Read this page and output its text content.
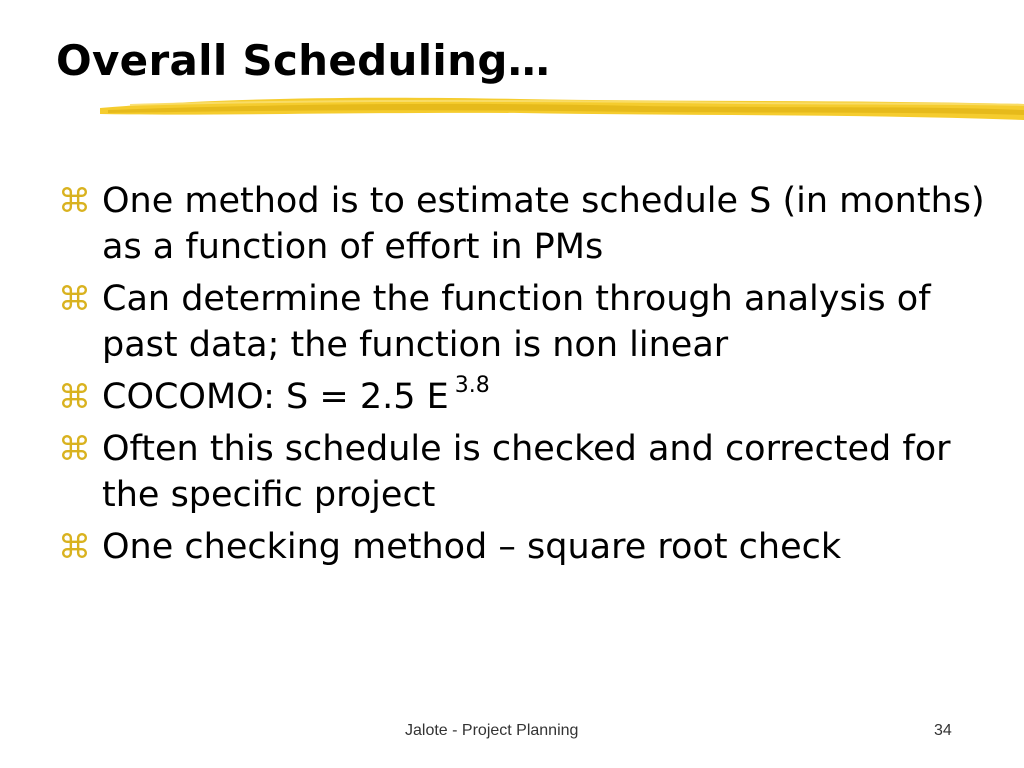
Overall Scheduling…
⌘ One method is to estimate schedule S (in months) as a function of effort in PMs
⌘ Can determine the function through analysis of past data; the function is non linear
⌘ COCOMO: S = 2.5 E $^{3.8}$
⌘ Often this schedule is checked and corrected for the specific project
⌘ One checking method – square root check
Jalote - Project Planning	34
